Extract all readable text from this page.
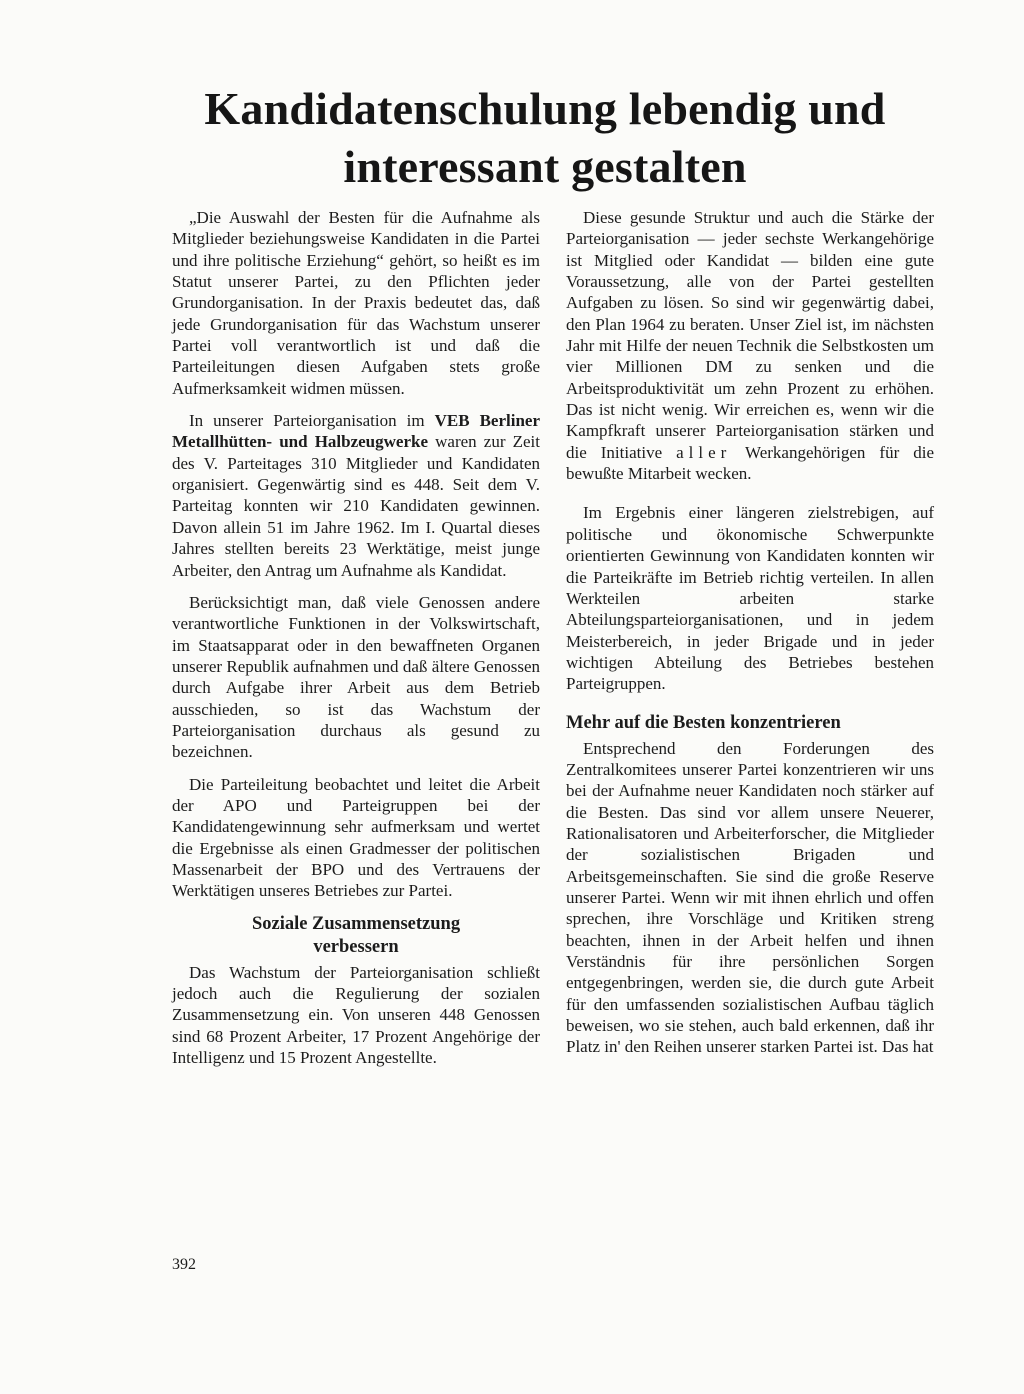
Kandidatenschulung lebendig und interessant gestalten

„Die Auswahl der Besten für die Aufnahme als Mitglieder beziehungsweise Kandidaten in die Partei und ihre politische Erziehung“ gehört, so heißt es im Statut unserer Partei, zu den Pflichten jeder Grundorganisation. In der Praxis bedeutet das, daß jede Grundorganisation für das Wachstum unserer Partei voll verantwortlich ist und daß die Parteileitungen diesen Aufgaben stets große Aufmerksamkeit widmen müssen.

In unserer Parteiorganisation im VEB Berliner Metallhütten- und Halbzeugwerke waren zur Zeit des V. Parteitages 310 Mitglieder und Kandidaten organisiert. Gegenwärtig sind es 448. Seit dem V. Parteitag konnten wir 210 Kandidaten gewinnen. Davon allein 51 im Jahre 1962. Im I. Quartal dieses Jahres stellten bereits 23 Werktätige, meist junge Arbeiter, den Antrag um Aufnahme als Kandidat.

Berücksichtigt man, daß viele Genossen andere verantwortliche Funktionen in der Volkswirtschaft, im Staatsapparat oder in den bewaffneten Organen unserer Republik aufnahmen und daß ältere Genossen durch Aufgabe ihrer Arbeit aus dem Betrieb ausschieden, so ist das Wachstum der Parteiorganisation durchaus als gesund zu bezeichnen.

Die Parteileitung beobachtet und leitet die Arbeit der APO und Parteigruppen bei der Kandidatengewinnung sehr aufmerksam und wertet die Ergebnisse als einen Gradmesser der politischen Massenarbeit der BPO und des Vertrauens der Werktätigen unseres Betriebes zur Partei.

Soziale Zusammensetzung
verbessern

Das Wachstum der Parteiorganisation schließt jedoch auch die Regulierung der sozialen Zusammensetzung ein. Von unseren 448 Genossen sind 68 Prozent Arbeiter, 17 Prozent Angehörige der Intelligenz und 15 Prozent Angestellte.

Diese gesunde Struktur und auch die Stärke der Parteiorganisation — jeder sechste Werkangehörige ist Mitglied oder Kandidat — bilden eine gute Voraussetzung, alle von der Partei gestellten Aufgaben zu lösen. So sind wir gegenwärtig dabei, den Plan 1964 zu beraten. Unser Ziel ist, im nächsten Jahr mit Hilfe der neuen Technik die Selbstkosten um vier Millionen DM zu senken und die Arbeitsproduktivität um zehn Prozent zu erhöhen. Das ist nicht wenig. Wir erreichen es, wenn wir die Kampfkraft unserer Parteiorganisation stärken und die Initiative aller Werkangehörigen für die bewußte Mitarbeit wecken.

Im Ergebnis einer längeren zielstrebigen, auf politische und ökonomische Schwerpunkte orientierten Gewinnung von Kandidaten konnten wir die Parteikräfte im Betrieb richtig verteilen. In allen Werkteilen arbeiten starke Abteilungsparteiorganisationen, und in jedem Meisterbereich, in jeder Brigade und in jeder wichtigen Abteilung des Betriebes bestehen Parteigruppen.

Mehr auf die Besten konzentrieren

Entsprechend den Forderungen des Zentralkomitees unserer Partei konzentrieren wir uns bei der Aufnahme neuer Kandidaten noch stärker auf die Besten. Das sind vor allem unsere Neuerer, Rationalisatoren und Arbeiterforscher, die Mitglieder der sozialistischen Brigaden und Arbeitsgemeinschaften. Sie sind die große Reserve unserer Partei. Wenn wir mit ihnen ehrlich und offen sprechen, ihre Vorschläge und Kritiken streng beachten, ihnen in der Arbeit helfen und ihnen Verständnis für ihre persönlichen Sorgen entgegenbringen, werden sie, die durch gute Arbeit für den umfassenden sozialistischen Aufbau täglich beweisen, wo sie stehen, auch bald erkennen, daß ihr Platz in' den Reihen unserer starken Partei ist. Das hat

392
